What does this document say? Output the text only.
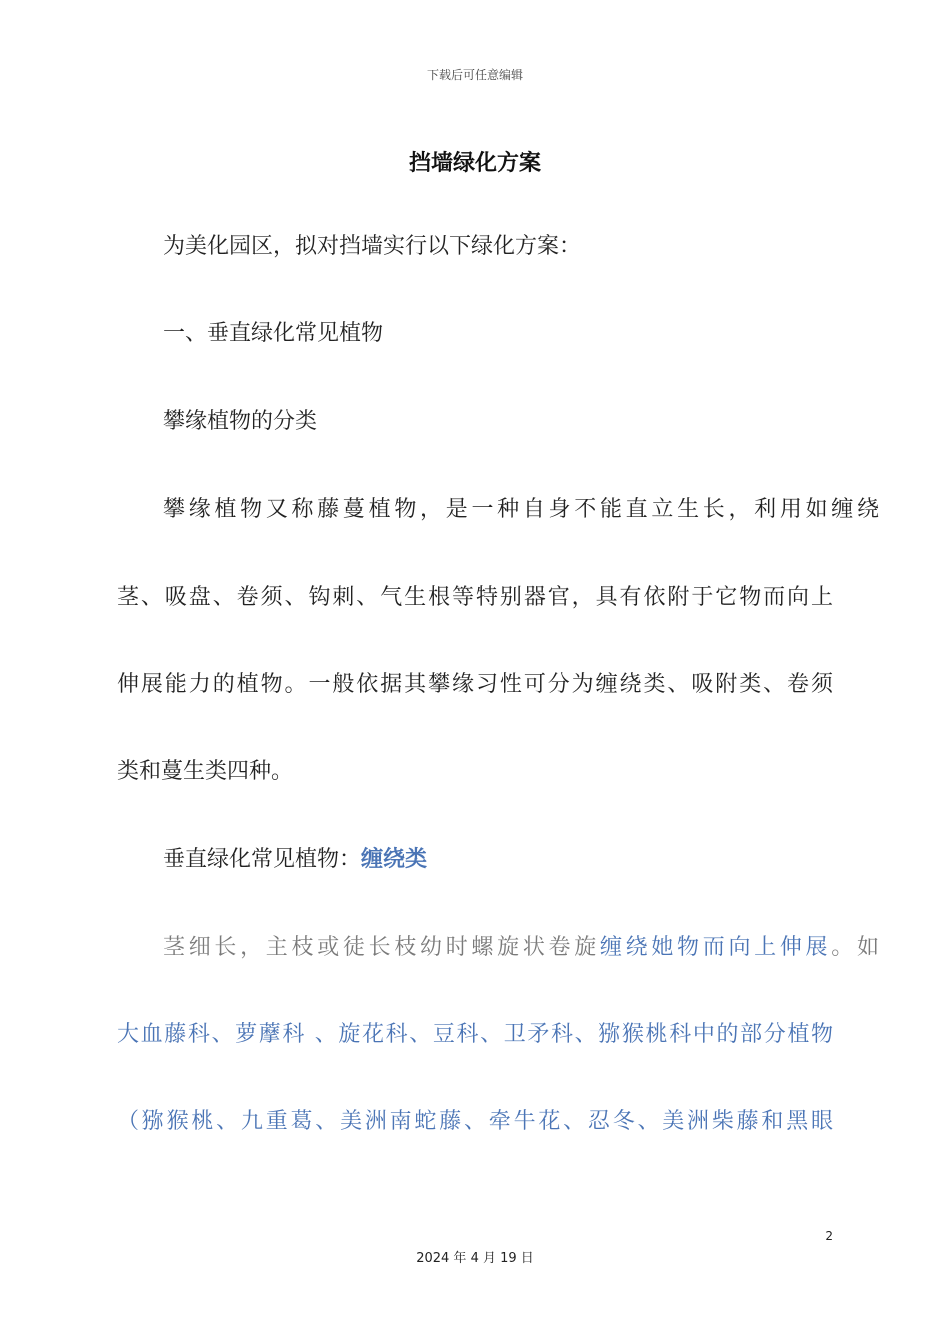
下载后可任意编辑
挡墙绿化方案

为美化园区，拟对挡墙实行以下绿化方案：

一、垂直绿化常见植物

攀缘植物的分类

攀缘植物又称藤蔓植物，是一种自身不能直立生长，利用如缠绕

茎、吸盘、卷须、钩刺、气生根等特别器官，具有依附于它物而向上

伸展能力的植物。一般依据其攀缘习性可分为缠绕类、吸附类、卷须

类和蔓生类四种。

垂直绿化常见植物：缠绕类

茎细长，主枝或徒长枝幼时螺旋状卷旋缠绕她物而向上伸展。如

大血藤科、萝藦科 、旋花科、豆科、卫矛科、猕猴桃科中的部分植物

（猕猴桃、九重葛、美洲南蛇藤、牵牛花、忍冬、美洲柴藤和黑眼

2
2024 年 4 月 19 日
